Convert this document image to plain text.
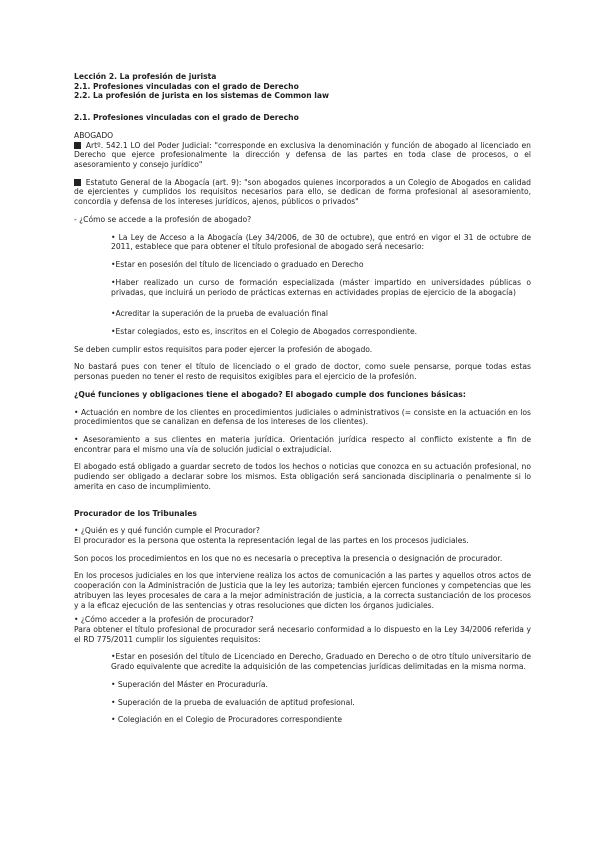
Lección 2. La profesión de jurista
2.1. Profesiones vinculadas con el grado de Derecho
2.2. La profesión de jurista en los sistemas de Common law
2.1. Profesiones vinculadas con el grado de Derecho
ABOGADO

Artº. 542.1 LO del Poder Judicial: "corresponde en exclusiva la denominación y función de abogado al licenciado en Derecho que ejerce profesionalmente la dirección y defensa de las partes en toda clase de procesos, o el asesoramiento y consejo jurídico"

Estatuto General de la Abogacía (art. 9): "son abogados quienes incorporados a un Colegio de Abogados en calidad de ejercientes y cumplidos los requisitos necesarios para ello, se dedican de forma profesional al asesoramiento, concordia y defensa de los intereses jurídicos, ajenos, públicos o privados"

- ¿Cómo se accede a la profesión de abogado?

• La Ley de Acceso a la Abogacía (Ley 34/2006, de 30 de octubre), que entró en vigor el 31 de octubre de 2011, establece que para obtener el título profesional de abogado será necesario:

•Estar en posesión del título de licenciado o graduado en Derecho

•Haber realizado un curso de formación especializada (máster impartido en universidades públicas o privadas, que incluirá un periodo de prácticas externas en actividades propias de ejercicio de la abogacía)

•Acreditar la superación de la prueba de evaluación final

•Estar colegiados, esto es, inscritos en el Colegio de Abogados correspondiente.

Se deben cumplir estos requisitos para poder ejercer la profesión de abogado.

No bastará pues con tener el título de licenciado o el grado de doctor, como suele pensarse, porque todas estas personas pueden no tener el resto de requisitos exigibles para el ejercicio de la profesión.

¿Qué funciones y obligaciones tiene el abogado? El abogado cumple dos funciones básicas:

• Actuación en nombre de los clientes en procedimientos judiciales o administrativos (= consiste en la actuación en los procedimientos que se canalizan en defensa de los intereses de los clientes).

• Asesoramiento a sus clientes en materia jurídica. Orientación jurídica respecto al conflicto existente a fin de encontrar para el mismo una vía de solución judicial o extrajudicial.

El abogado está obligado a guardar secreto de todos los hechos o noticias que conozca en su actuación profesional, no pudiendo ser obligado a declarar sobre los mismos. Esta obligación será sancionada disciplinaria o penalmente si lo amerita en caso de incumplimiento.

Procurador de los Tribunales
• ¿Quién es y qué función cumple el Procurador?

El procurador es la persona que ostenta la representación legal de las partes en los procesos judiciales.

Son pocos los procedimientos en los que no es necesaria o preceptiva la presencia o designación de procurador.

En los procesos judiciales en los que interviene realiza los actos de comunicación a las partes y aquellos otros actos de cooperación con la Administración de Justicia que la ley les autoriza; también ejercen funciones y competencias que les atribuyen las leyes procesales de cara a la mejor administración de justicia, a la correcta sustanciación de los procesos y a la eficaz ejecución de las sentencias y otras resoluciones que dicten los órganos judiciales.

• ¿Cómo acceder a la profesión de procurador?

Para obtener el título profesional de procurador será necesario conformidad a lo dispuesto en la Ley 34/2006 referida y el RD 775/2011 cumplir los siguientes requisitos:

•Estar en posesión del título de Licenciado en Derecho, Graduado en Derecho o de otro título universitario de Grado equivalente que acredite la adquisición de las competencias jurídicas delimitadas en la misma norma.

• Superación del Máster en Procuraduría.

• Superación de la prueba de evaluación de aptitud profesional.

• Colegiación en el Colegio de Procuradores correspondiente
